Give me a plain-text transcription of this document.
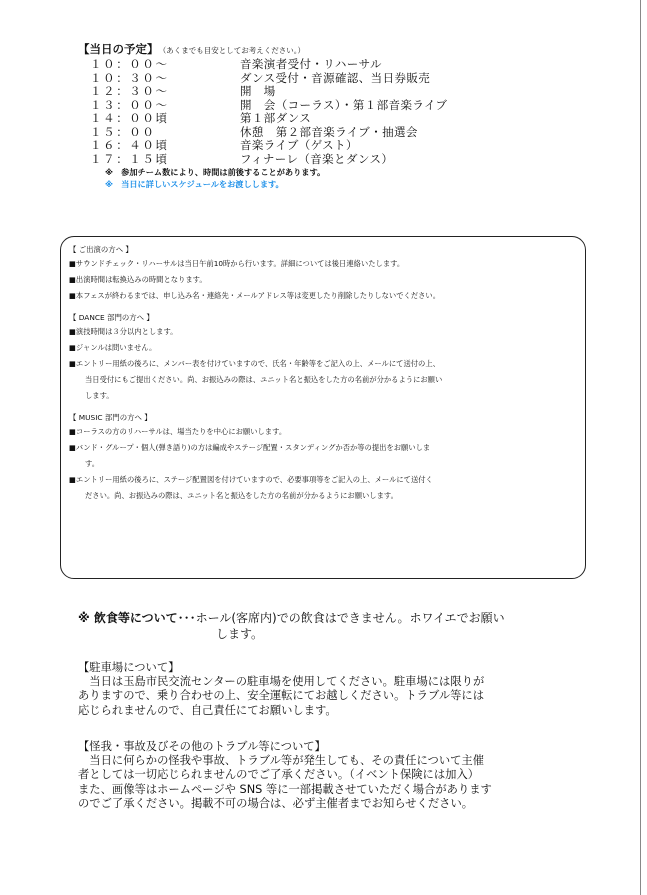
【当日の予定】 （あくまでも目安としてお考えください。）
１０：００～	音楽演者受付・リハーサル
１０：３０～	ダンス受付・音源確認、当日券販売
１２：３０～	開　場
１３：００～	開　会（コーラス）・第１部音楽ライブ
１４：００頃	第１部ダンス
１５：００	休憩　第２部音楽ライブ・抽選会
１６：４０頃	音楽ライブ（ゲスト）
１７：１５頃	フィナーレ（音楽とダンス）
※　参加チーム数により、時間は前後することがあります。
※　当日に詳しいスケジュールをお渡しします。
【 ご出演の方へ 】
■サウンドチェック・リハーサルは当日午前10時から行います。詳細については後日連絡いたします。
■出演時間は転換込みの時間となります。
■本フェスが終わるまでは、申し込み名・連絡先・メールアドレス等は変更したり削除したりしないでください。
【 DANCE 部門の方へ 】
■演技時間は３分以内とします。
■ジャンルは問いません。
■エントリー用紙の後ろに、メンバー表を付けていますので、氏名・年齢等をご記入の上、メールにて送付の上、
当日受付にもご提出ください。尚、お振込みの際は、ユニット名と振込をした方の名前が分かるようにお願い
します。
【 MUSIC 部門の方へ 】
■コーラスの方のリハーサルは、場当たりを中心にお願いします。
■バンド・グループ・個人(弾き語り)の方は編成やステージ配置・スタンディングか否か等の提出をお願いしま
す。
■エントリー用紙の後ろに、ステージ配置図を付けていますので、必要事項等をご記入の上、メールにて送付く
ださい。尚、お振込みの際は、ユニット名と振込をした方の名前が分かるようにお願いします。
※ 飲食等について･･･ホール(客席内)での飲食はできません。ホワイエでお願い
します。
【駐車場について】
　当日は玉島市民交流センターの駐車場を使用してください。駐車場には限りが
ありますので、乗り合わせの上、安全運転にてお越しください。トラブル等には
応じられませんので、自己責任にてお願いします。
【怪我・事故及びその他のトラブル等について】
　当日に何らかの怪我や事故、トラブル等が発生しても、その責任について主催
者としては一切応じられませんのでご了承ください。（イベント保険には加入）
また、画像等はホームページや SNS 等に一部掲載させていただく場合があります
のでご了承ください。掲載不可の場合は、必ず主催者までお知らせください。
